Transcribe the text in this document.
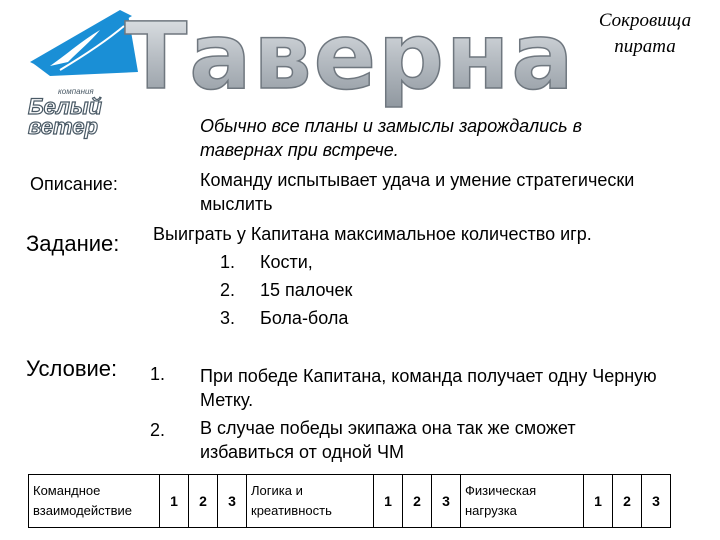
компания
Белый
ветер
Таверна	Сокровища
пирата
Описание:
Обычно все планы и замыслы зарождались в
тавернах при встрече.
Команду испытывает удача и умение стратегически
мыслить
Задание: Выиграть у Капитана максимальное количество игр.
1. Кости,
2. 15 палочек
3. Бола-бола
Условие: 1.
2.

При победе Капитана, команда получает одну Черную
Метку.

В случае победы экипажа она так же сможет
избавиться от одной ЧМ

Командное
взаимодействие	1	2	3	Логика и
креативность	1	2	3	Физическая
нагрузка	1	2	3
